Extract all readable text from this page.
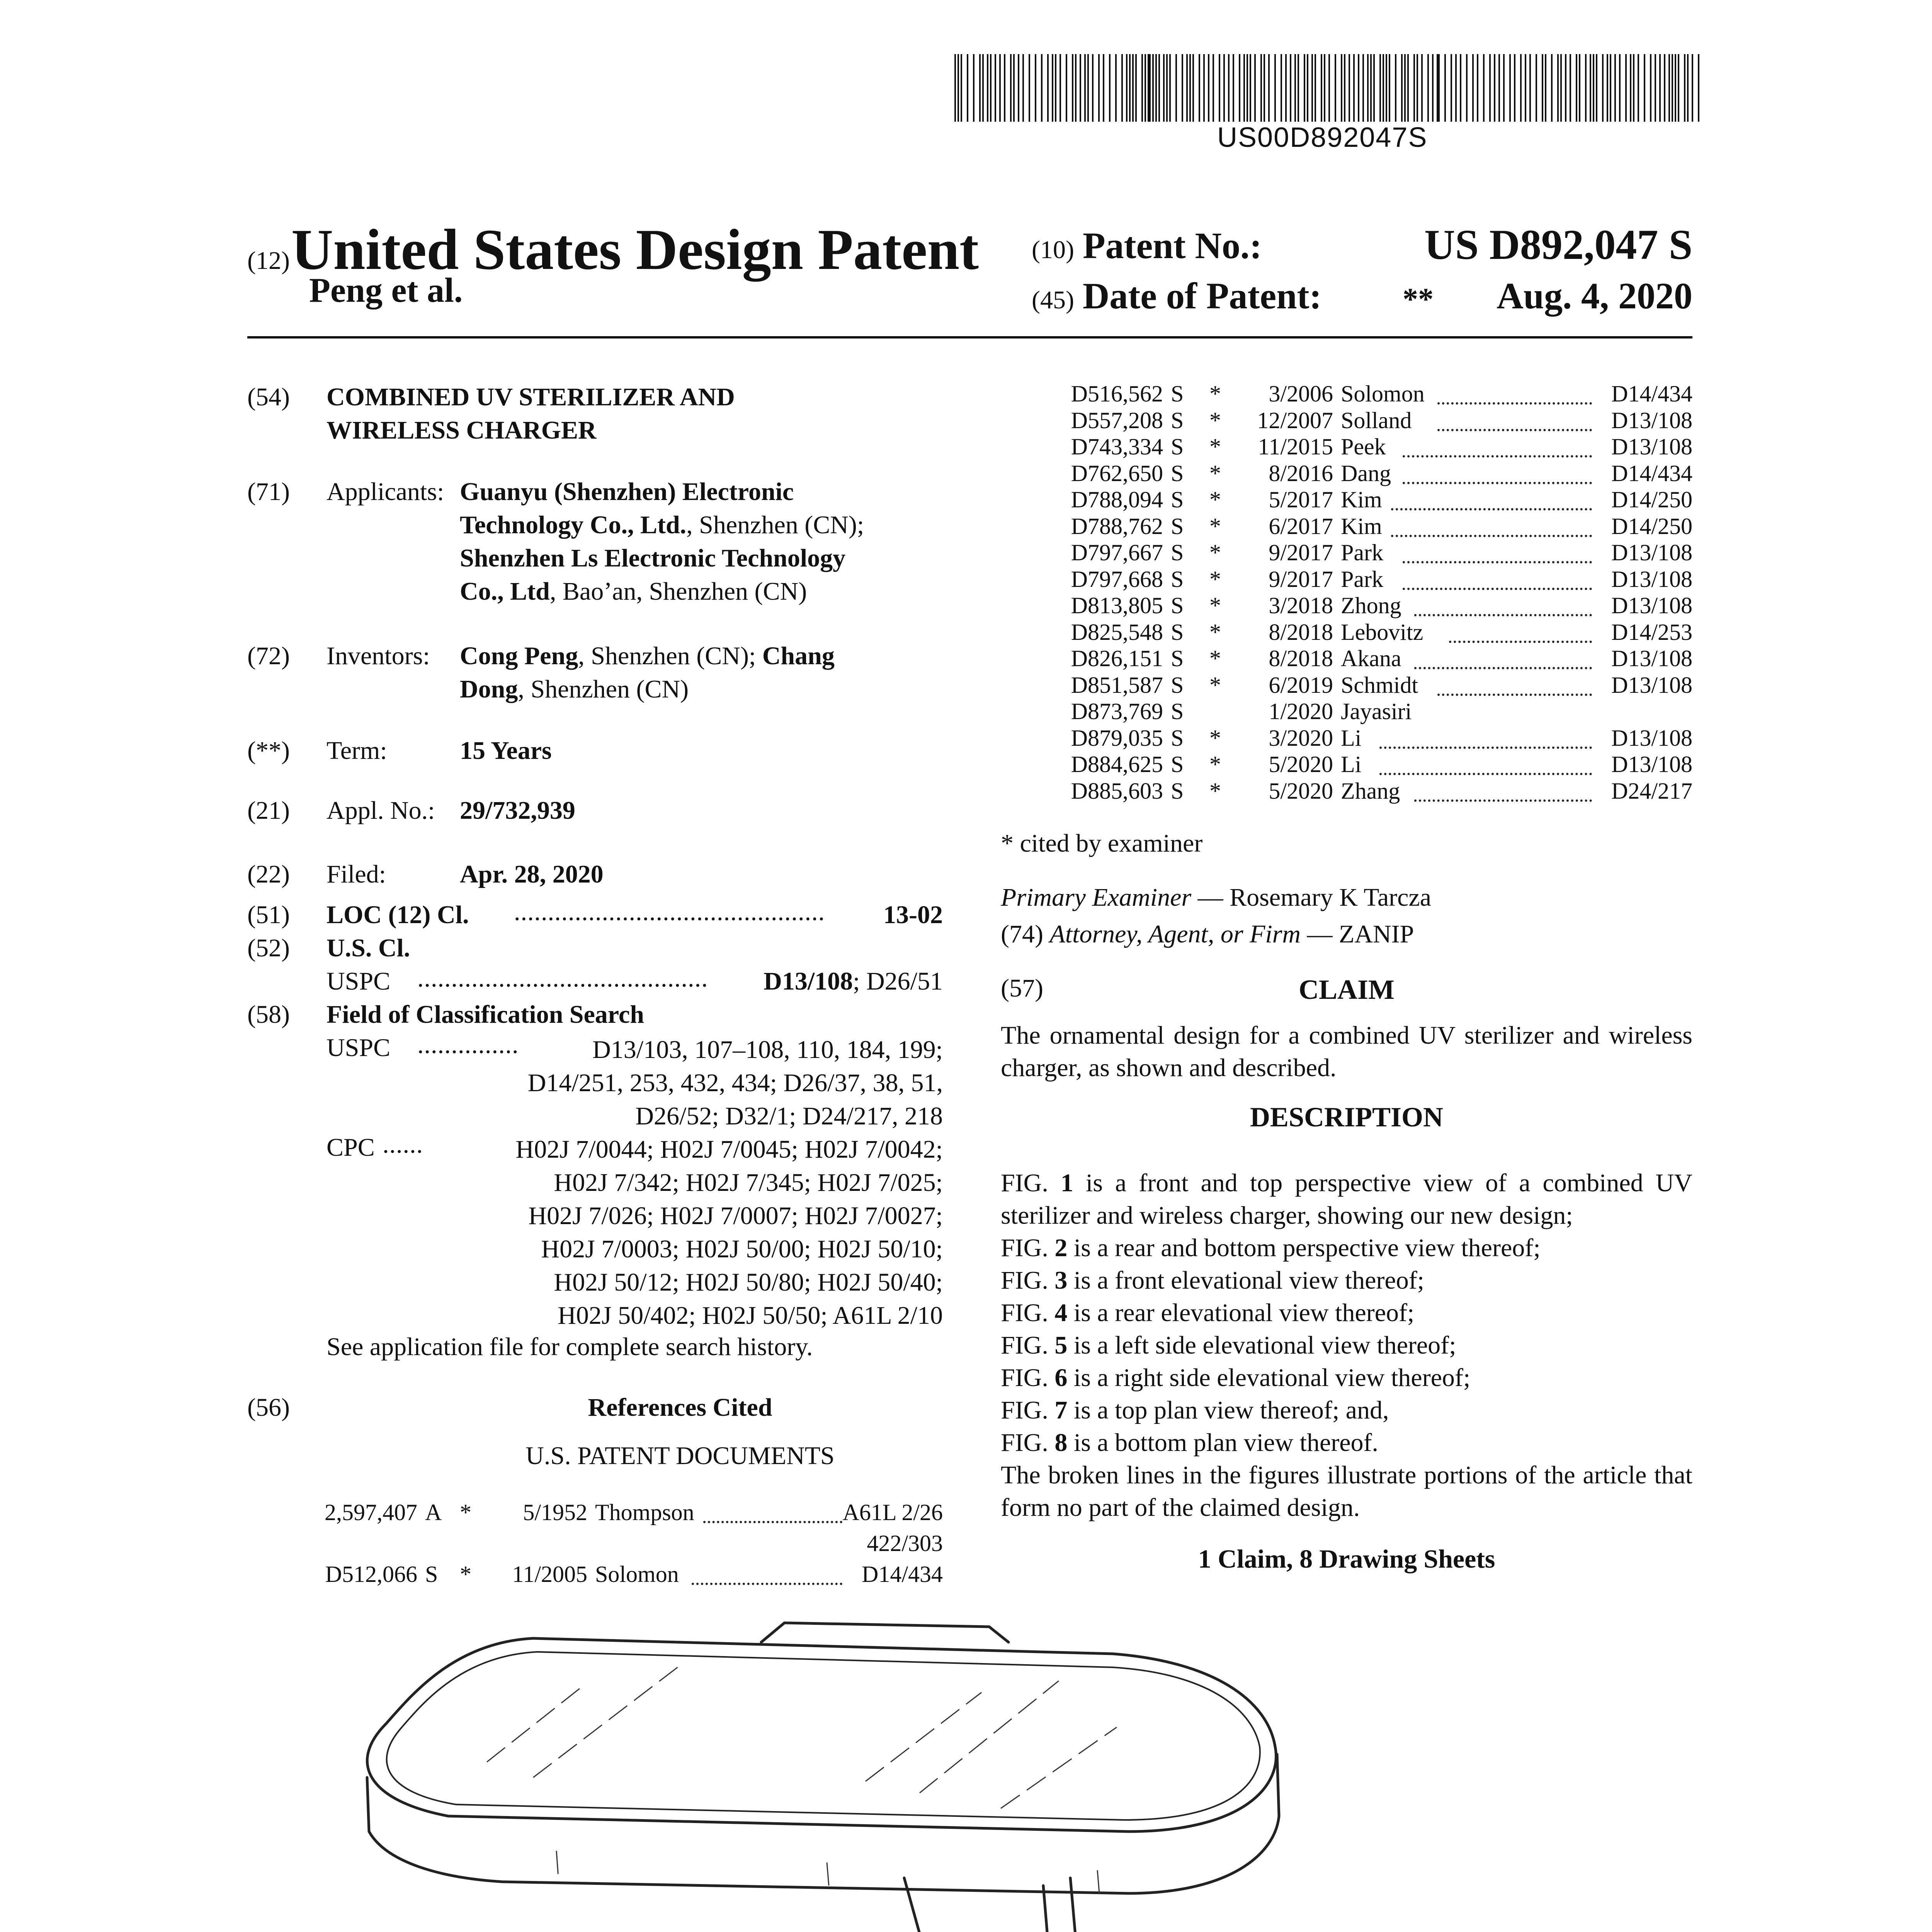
US00D892047S
(12) United States Design Patent
Peng et al.
(10) Patent No.:	US D892,047 S
(45) Date of Patent:	** Aug. 4, 2020
(54)	COMBINED UV STERILIZER AND
WIRELESS CHARGER
(71)	Applicants: Guanyu (Shenzhen) Electronic
Technology Co., Ltd., Shenzhen (CN);
Shenzhen Ls Electronic Technology
Co., Ltd, Bao’an, Shenzhen (CN)
(72)	Inventors: Cong Peng, Shenzhen (CN); Chang
Dong, Shenzhen (CN)
(**)	Term:	15 Years
(21)	Appl. No.: 29/732,939
(22)	Filed:	Apr. 28, 2020
(51)	LOC (12) Cl. .............................................. 13-02
(52)	U.S. Cl.
USPC ........................................... D13/108; D26/51
(58)	Field of Classification Search
USPC ...............	D13/103, 107–108, 110, 184, 199;
D14/251, 253, 432, 434; D26/37, 38, 51,
D26/52; D32/1; D24/217, 218
CPC ......	H02J 7/0044; H02J 7/0045; H02J 7/0042;
H02J 7/342; H02J 7/345; H02J 7/025;
H02J 7/026; H02J 7/0007; H02J 7/0027;
H02J 7/0003; H02J 50/00; H02J 50/10;
H02J 50/12; H02J 50/80; H02J 50/40;
H02J 50/402; H02J 50/50; A61L 2/10
See application file for complete search history.
(56)	References Cited
U.S. PATENT DOCUMENTS
2,597,407 A *	5/1952 Thompson	A61L 2/26
422/303
D512,066 S *	11/2005 Solomon	D14/434
D516,562 S *	3/2006 Solomon	D14/434
D557,208 S *	12/2007 Solland	D13/108
D743,334 S *	11/2015 Peek	D13/108
D762,650 S *	8/2016 Dang	D14/434
D788,094 S *	5/2017 Kim	D14/250
D788,762 S *	6/2017 Kim	D14/250
D797,667 S *	9/2017 Park	D13/108
D797,668 S *	9/2017 Park	D13/108
D813,805 S *	3/2018 Zhong	D13/108
D825,548 S *	8/2018 Lebovitz	D14/253
D826,151 S *	8/2018 Akana	D13/108
D851,587 S *	6/2019 Schmidt	D13/108
D873,769 S	1/2020 Jayasiri
D879,035 S *	3/2020 Li	D13/108
D884,625 S *	5/2020 Li	D13/108
D885,603 S *	5/2020 Zhang	D24/217
* cited by examiner
Primary Examiner — Rosemary K Tarcza
(74) Attorney, Agent, or Firm — ZANIP
(57)	CLAIM
The ornamental design for a combined UV sterilizer and wireless charger, as shown and described.
DESCRIPTION
FIG. 1 is a front and top perspective view of a combined UV sterilizer and wireless charger, showing our new design;
FIG. 2 is a rear and bottom perspective view thereof;
FIG. 3 is a front elevational view thereof;
FIG. 4 is a rear elevational view thereof;
FIG. 5 is a left side elevational view thereof;
FIG. 6 is a right side elevational view thereof;
FIG. 7 is a top plan view thereof; and,
FIG. 8 is a bottom plan view thereof.
The broken lines in the figures illustrate portions of the article that form no part of the claimed design.
1 Claim, 8 Drawing Sheets
